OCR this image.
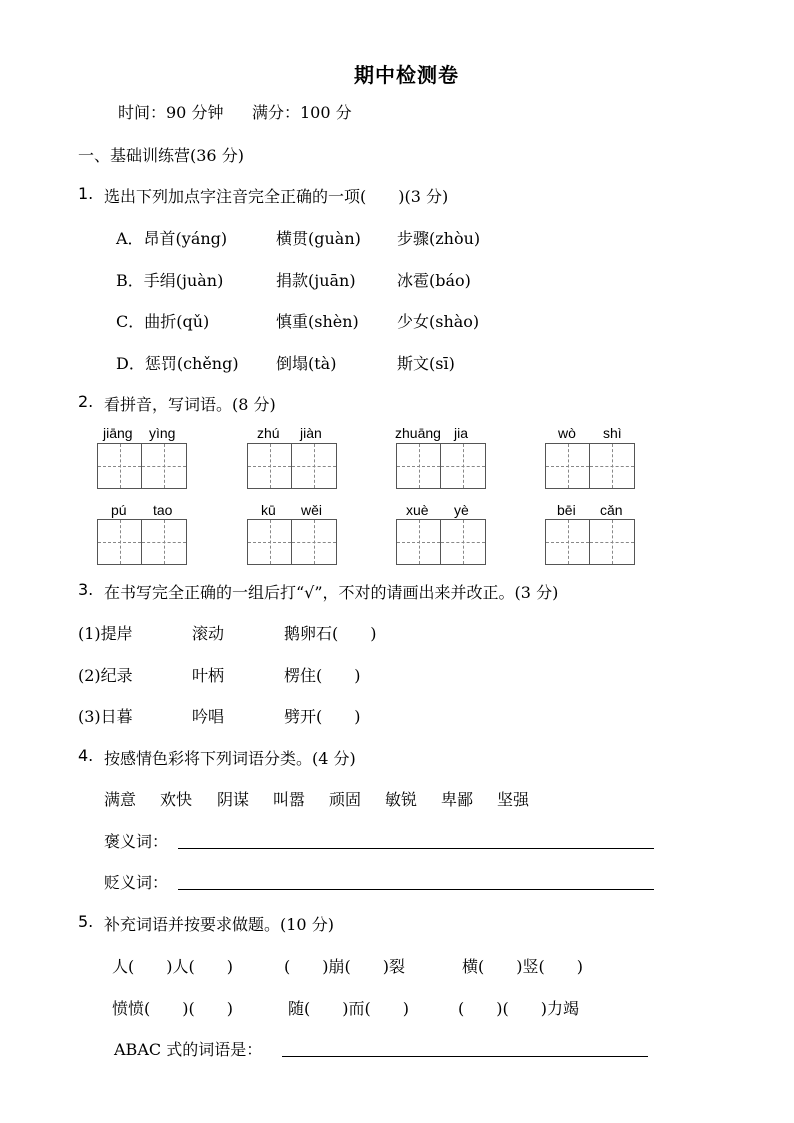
期中检测卷
时间：90 分钟 满分：100 分
一、基础训练营(36 分)
1. 选出下列加点字注音完全正确的一项(　　)(3 分)
A．昂首(yáng)	横贯(guàn) 步骤(zhòu)
B．手绢(juàn)	捐款(juān)	冰雹(báo)
C．曲折(qǔ)	慎重(shèn) 少女(shào)
D．惩罚(chěng) 倒塌(tà)	斯文(sī)
2. 看拼音，写词语。(8 分)
jiāng yìng	zhú jiàn	zhuāng jia	wò shì
pú tao	kū wěi	xuè yè	bēi cǎn
3. 在书写完全正确的一组后打“√”，不对的请画出来并改正。(3 分)
(1)提岸	滚动	鹅卵石(　　)
(2)纪录	叶柄	楞住(　　)
(3)日暮	吟唱	劈开(　　)
4. 按感情色彩将下列词语分类。(4 分)
满意 欢快 阴谋 叫嚣 顽固 敏锐 卑鄙 坚强
褒义词：
贬义词：
5. 补充词语并按要求做题。(10 分)
人(　　)人(　　)	(　　)崩(　　)裂	横(　　)竖(　　)
愤愤(　　)(　　)	随(　　)而(　　)	(　　)(　　)力竭
ABAC 式的词语是：
